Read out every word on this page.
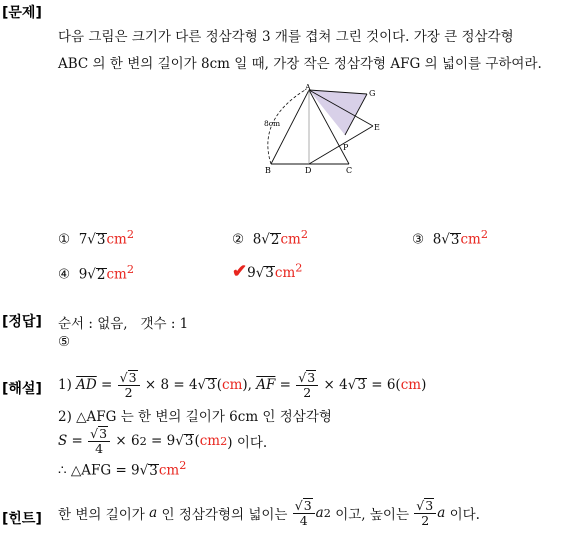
[문제]
다음 그림은 크기가 다른 정삼각형 3 개를 겹쳐 그린 것이다. 가장 큰 정삼각형
ABC 의 한 변의 길이가 8cm 일 때, 가장 작은 정삼각형 AFG 의 넓이를 구하여라.
A
G
E
P
B	D	C
8cm
① $7√3cm^2$	② $8√2cm^2$	③ $8√3cm^2$
④ $9√2cm^2$	$✔9√3cm^2$
[정답] 순서 : 없음, 갯수 : 1
⑤
[해설] 1)
$\overline{AD} = \frac{√3}{2}$
× 8 = 4 √ 3 ( cm ), $\overline{AF} = \frac{√3}{2}$
× 4 √ 3
= 6( cm )
2) △AFG 는 한 변의 길이가 6cm 인 정삼각형
$S = \frac{√3}{4}$
× 6 2
= 9 √ 3 ( cm 2 ) 이다.
∴ △AFG = $9√3cm^2$
[힌트] 한 변의 길이가
a
인 정삼각형의 넓이는
$\frac{√3}{4}$ a 2
이고, 높이는
$\frac{√3}{2}$ a
이다.
